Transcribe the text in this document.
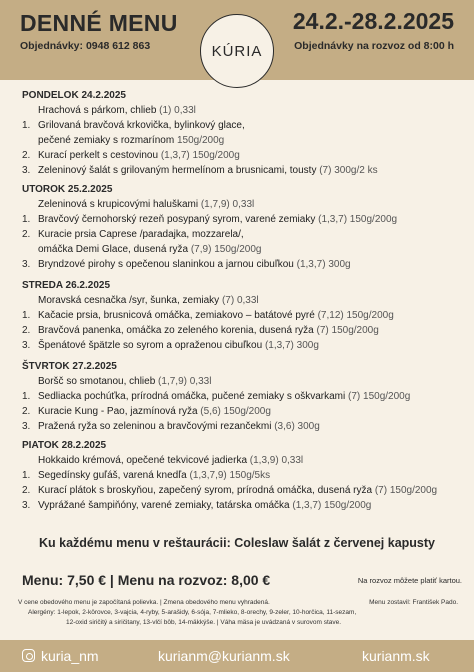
DENNÉ MENU
Objednávky: 0948 612 863
24.2.-28.2.2025
Objednávky na rozvoz od 8:00 h
KÚRIA
PONDELOK 24.2.2025
Hrachová s párkom, chlieb (1) 0,33l
1. Grilovaná bravčová krkovička, bylinkový glace,
pečené zemiaky s rozmarínom 150g/200g
2. Kurací perkelt s cestovinou (1,3,7) 150g/200g
3. Zeleninový šalát s grilovaným hermelínom a brusnicami, tousty (7) 300g/2 ks
UTOROK 25.2.2025
Zeleninová s krupicovými haluškami (1,7,9) 0,33l
1. Bravčový černohorský rezeň posypaný syrom, varené zemiaky (1,3,7) 150g/200g
2. Kuracie prsia Caprese /paradajka, mozzarela/,
omáčka Demi Glace, dusená ryža (7,9) 150g/200g
3. Bryndzové pirohy s opečenou slaninkou a jarnou cibuľkou (1,3,7) 300g
STREDA 26.2.2025
Moravská cesnačka /syr, šunka, zemiaky (7) 0,33l
1. Kačacie prsia, brusnicová omáčka, zemiakovo – batátové pyré (7,12) 150g/200g
2. Bravčová panenka, omáčka zo zeleného korenia, dusená ryža (7) 150g/200g
3. Špenátové špätzle so syrom a opraženou cibuľkou (1,3,7) 300g
ŠTVRTOK 27.2.2025
Boršč so smotanou, chlieb (1,7,9) 0,33l
1. Sedliacka pochúťka, prírodná omáčka, pučené zemiaky s oškvarkami (7) 150g/200g
2. Kuracie Kung - Pao, jazmínová ryža (5,6) 150g/200g
3. Pražená ryža so zeleninou a bravčovými rezančekmi (3,6) 300g
PIATOK 28.2.2025
Hokkaido krémová, opečené tekvicové jadierka (1,3,9) 0,33l
1. Segedínsky guľáš, varená knedľa (1,3,7,9) 150g/5ks
2. Kurací plátok s broskyňou, zapečený syrom, prírodná omáčka, dusená ryža (7) 150g/200g
3. Vyprážané šampiňóny, varené zemiaky, tatárska omáčka (1,3,7) 150g/200g
Ku každému menu v reštaurácii: Coleslaw šalát z červenej kapusty
Menu: 7,50 € | Menu na rozvoz: 8,00 €	Na rozvoz môžete platiť kartou.
V cene obedového menu je započítaná polievka. | Zmena obedového menu vyhradená.	Menu zostavil: František Pado.
Alergény: 1-lepok, 2-kôrovce, 3-vajcia, 4-ryby, 5-arašidy, 6-sója, 7-mlieko, 8-orechy, 9-zeler, 10-horčica, 11-sezam,
12-oxid siričitý a siričitany, 13-vlčí bôb, 14-mäkkýše. | Váha mäsa je uvádzaná v surovom stave.
kuria_nm	kurianm@kurianm.sk	kurianm.sk
